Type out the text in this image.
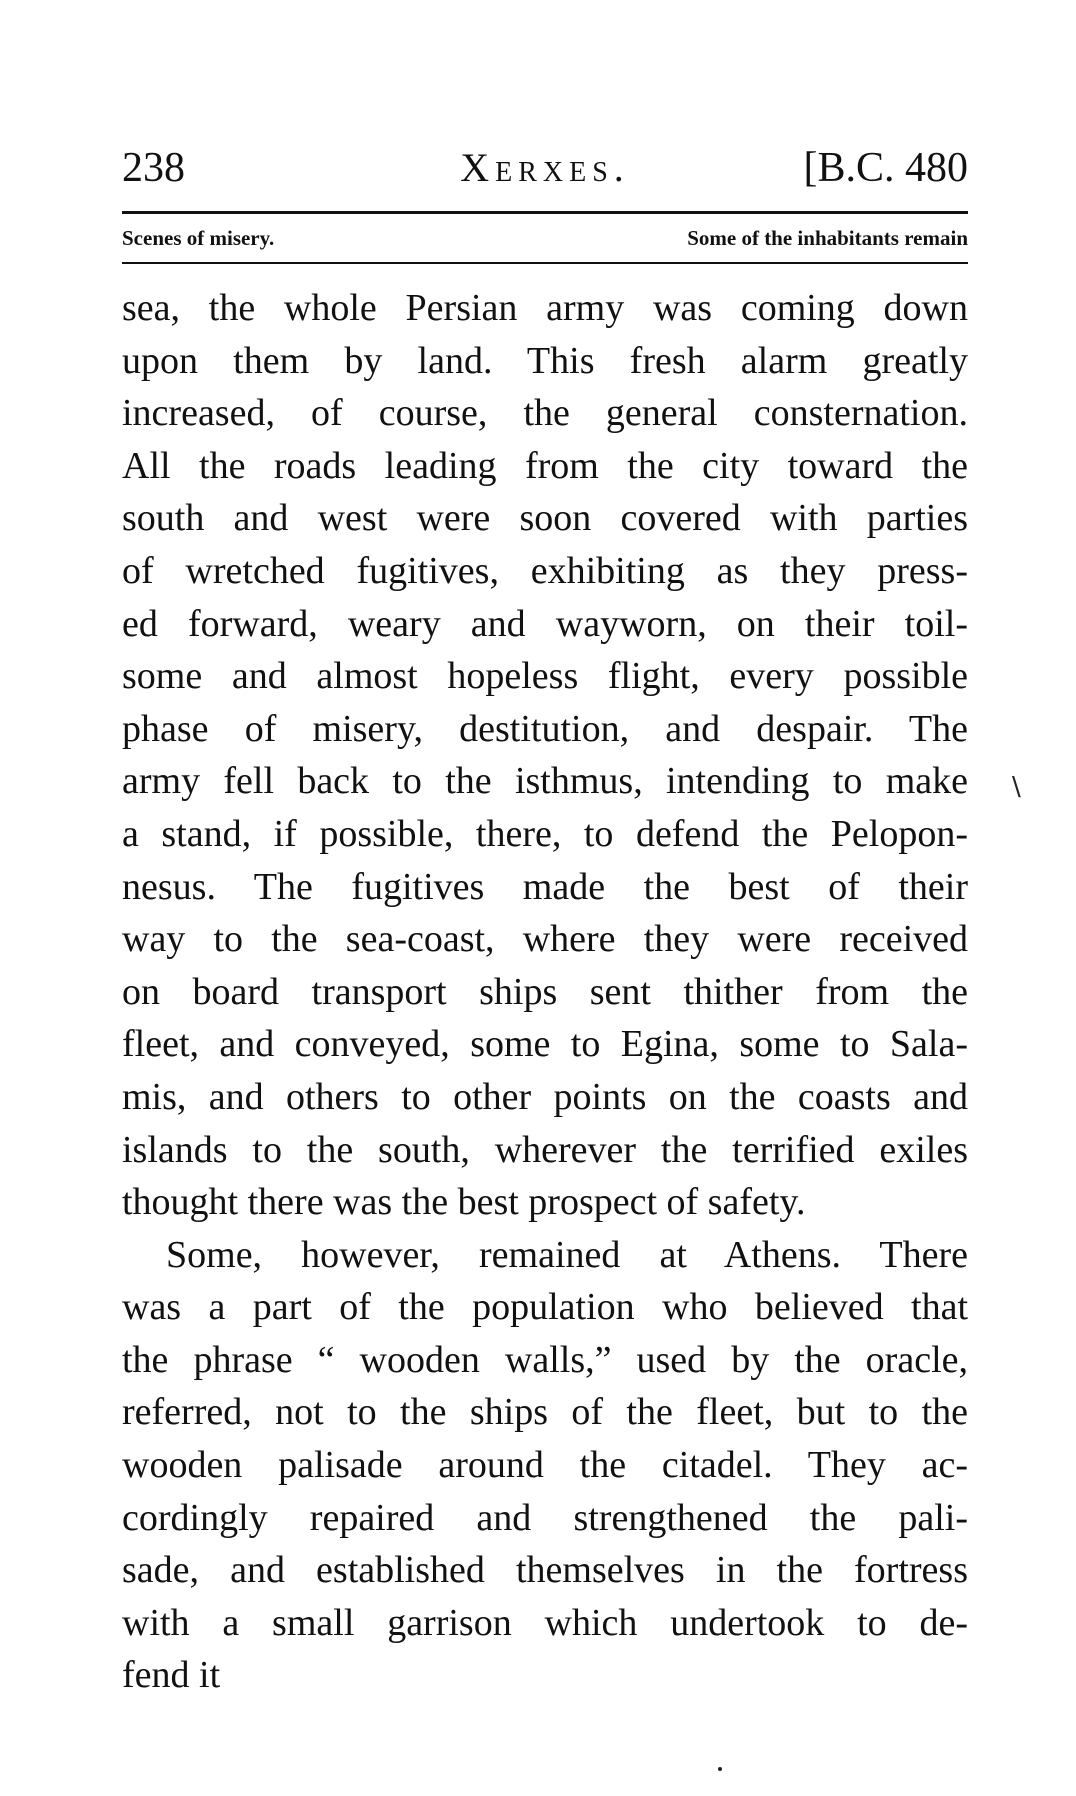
238	Xerxes.	[B.C. 480
Scenes of misery.	Some of the inhabitants remain
sea, the whole Persian army was coming down
upon them by land. This fresh alarm greatly
increased, of course, the general consternation.
All the roads leading from the city toward the
south and west were soon covered with parties
of wretched fugitives, exhibiting as they press-
ed forward, weary and wayworn, on their toil-
some and almost hopeless flight, every possible
phase of misery, destitution, and despair. The
army fell back to the isthmus, intending to make
a stand, if possible, there, to defend the Pelopon-
nesus. The fugitives made the best of their
way to the sea-coast, where they were received
on board transport ships sent thither from the
fleet, and conveyed, some to Egina, some to Sala-
mis, and others to other points on the coasts and
islands to the south, wherever the terrified exiles
thought there was the best prospect of safety.
Some, however, remained at Athens. There
was a part of the population who believed that
the phrase “ wooden walls,” used by the oracle,
referred, not to the ships of the fleet, but to the
wooden palisade around the citadel. They ac-
cordingly repaired and strengthened the pali-
sade, and established themselves in the fortress
with a small garrison which undertook to de-
fend it
\
